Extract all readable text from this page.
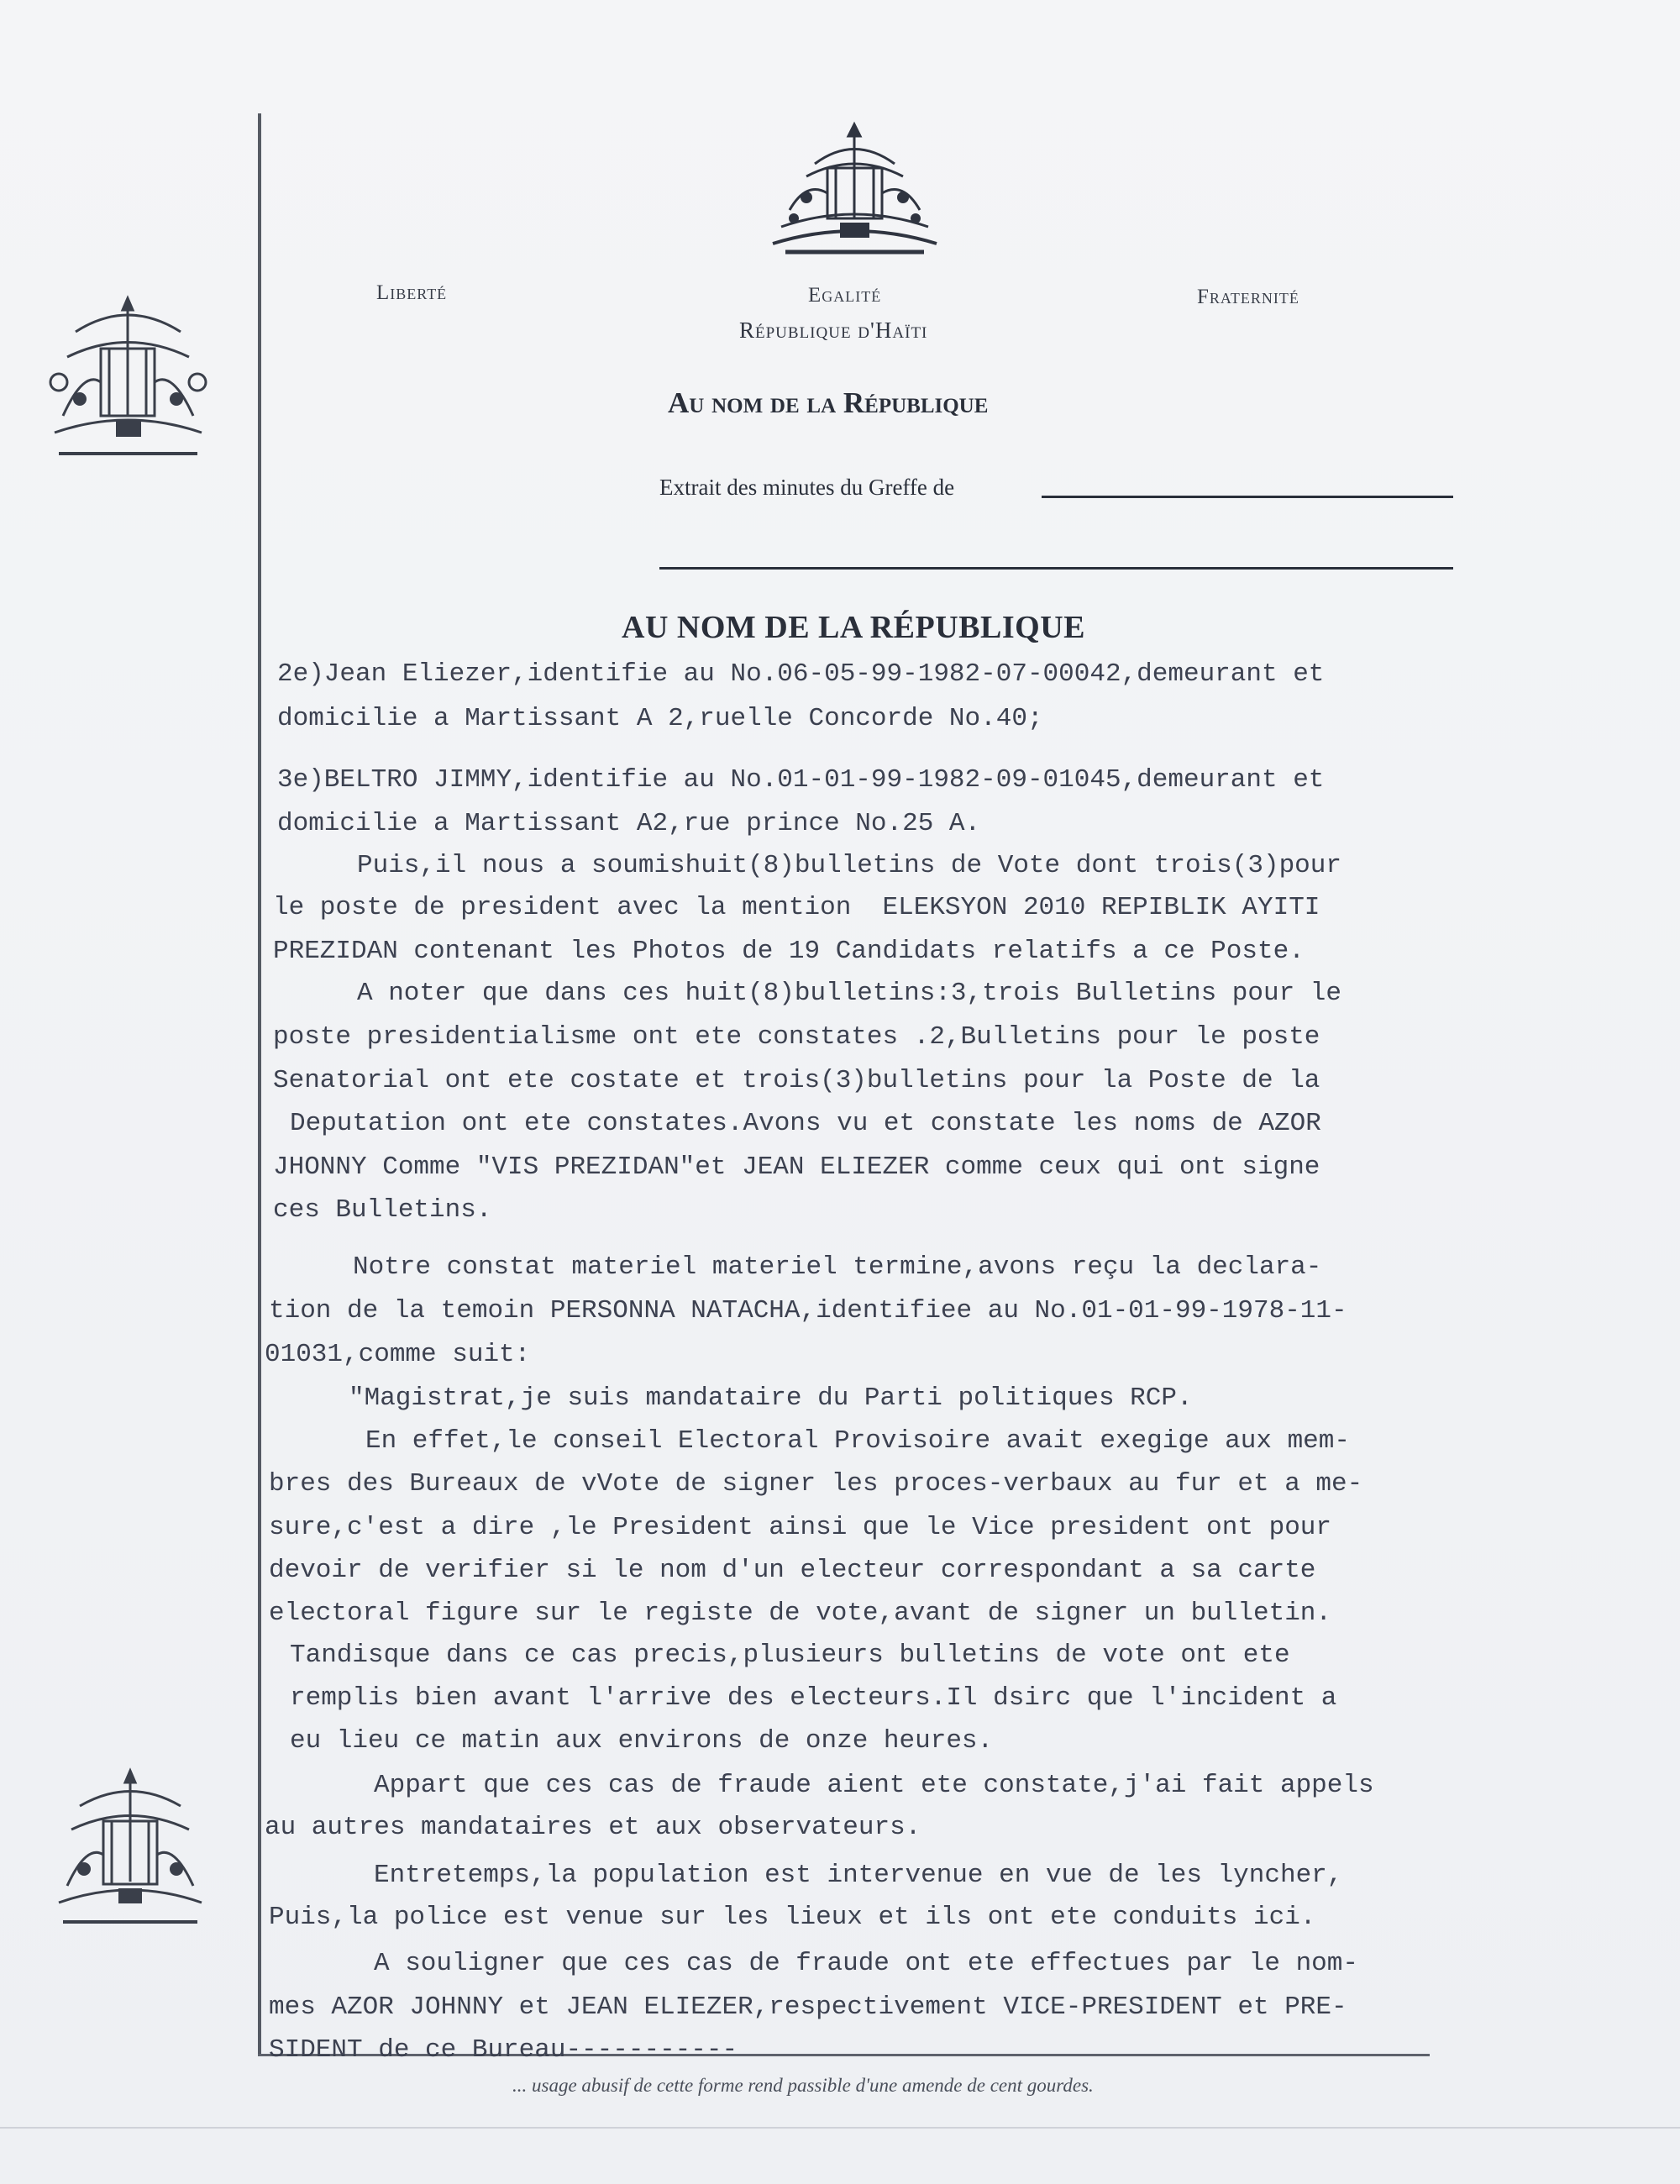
Liberté	Egalité	Fraternité
République d'Haïti
Au nom de la République
Extrait des minutes du Greffe de
AU NOM DE LA RÉPUBLIQUE
2e)Jean Eliezer,identifie au No.06-05-99-1982-07-00042,demeurant et
domicilie a Martissant A 2,ruelle Concorde No.40;
3e)BELTRO JIMMY,identifie au No.01-01-99-1982-09-01045,demeurant et
domicilie a Martissant A2,rue prince No.25 A.
Puis,il nous a soumishuit(8)bulletins de Vote dont trois(3)pour
le poste de president avec la mention  ELEKSYON 2010 REPIBLIK AYITI
PREZIDAN contenant les Photos de 19 Candidats relatifs a ce Poste.
A noter que dans ces huit(8)bulletins:3,trois Bulletins pour le
poste presidentialisme ont ete constates .2,Bulletins pour le poste
Senatorial ont ete costate et trois(3)bulletins pour la Poste de la
Deputation ont ete constates.Avons vu et constate les noms de AZOR
JHONNY Comme "VIS PREZIDAN"et JEAN ELIEZER comme ceux qui ont signe
ces Bulletins.
Notre constat materiel materiel termine,avons reçu la declara-
tion de la temoin PERSONNA NATACHA,identifiee au No.01-01-99-1978-11-
01031,comme suit:
"Magistrat,je suis mandataire du Parti politiques RCP.
En effet,le conseil Electoral Provisoire avait exegige aux mem-
bres des Bureaux de vVote de signer les proces-verbaux au fur et a me-
sure,c'est a dire ,le President ainsi que le Vice president ont pour
devoir de verifier si le nom d'un electeur correspondant a sa carte
electoral figure sur le registe de vote,avant de signer un bulletin.
Tandisque dans ce cas precis,plusieurs bulletins de vote ont ete
remplis bien avant l'arrive des electeurs.Il dsirc que l'incident a
eu lieu ce matin aux environs de onze heures.
Appart que ces cas de fraude aient ete constate,j'ai fait appels
au autres mandataires et aux observateurs.
Entretemps,la population est intervenue en vue de les lyncher,
Puis,la police est venue sur les lieux et ils ont ete conduits ici.
A souligner que ces cas de fraude ont ete effectues par le nom-
mes AZOR JOHNNY et JEAN ELIEZER,respectivement VICE-PRESIDENT et PRE-
SIDENT de ce Bureau-----------
... usage abusif de cette forme rend passible d'une amende de cent gourdes.
